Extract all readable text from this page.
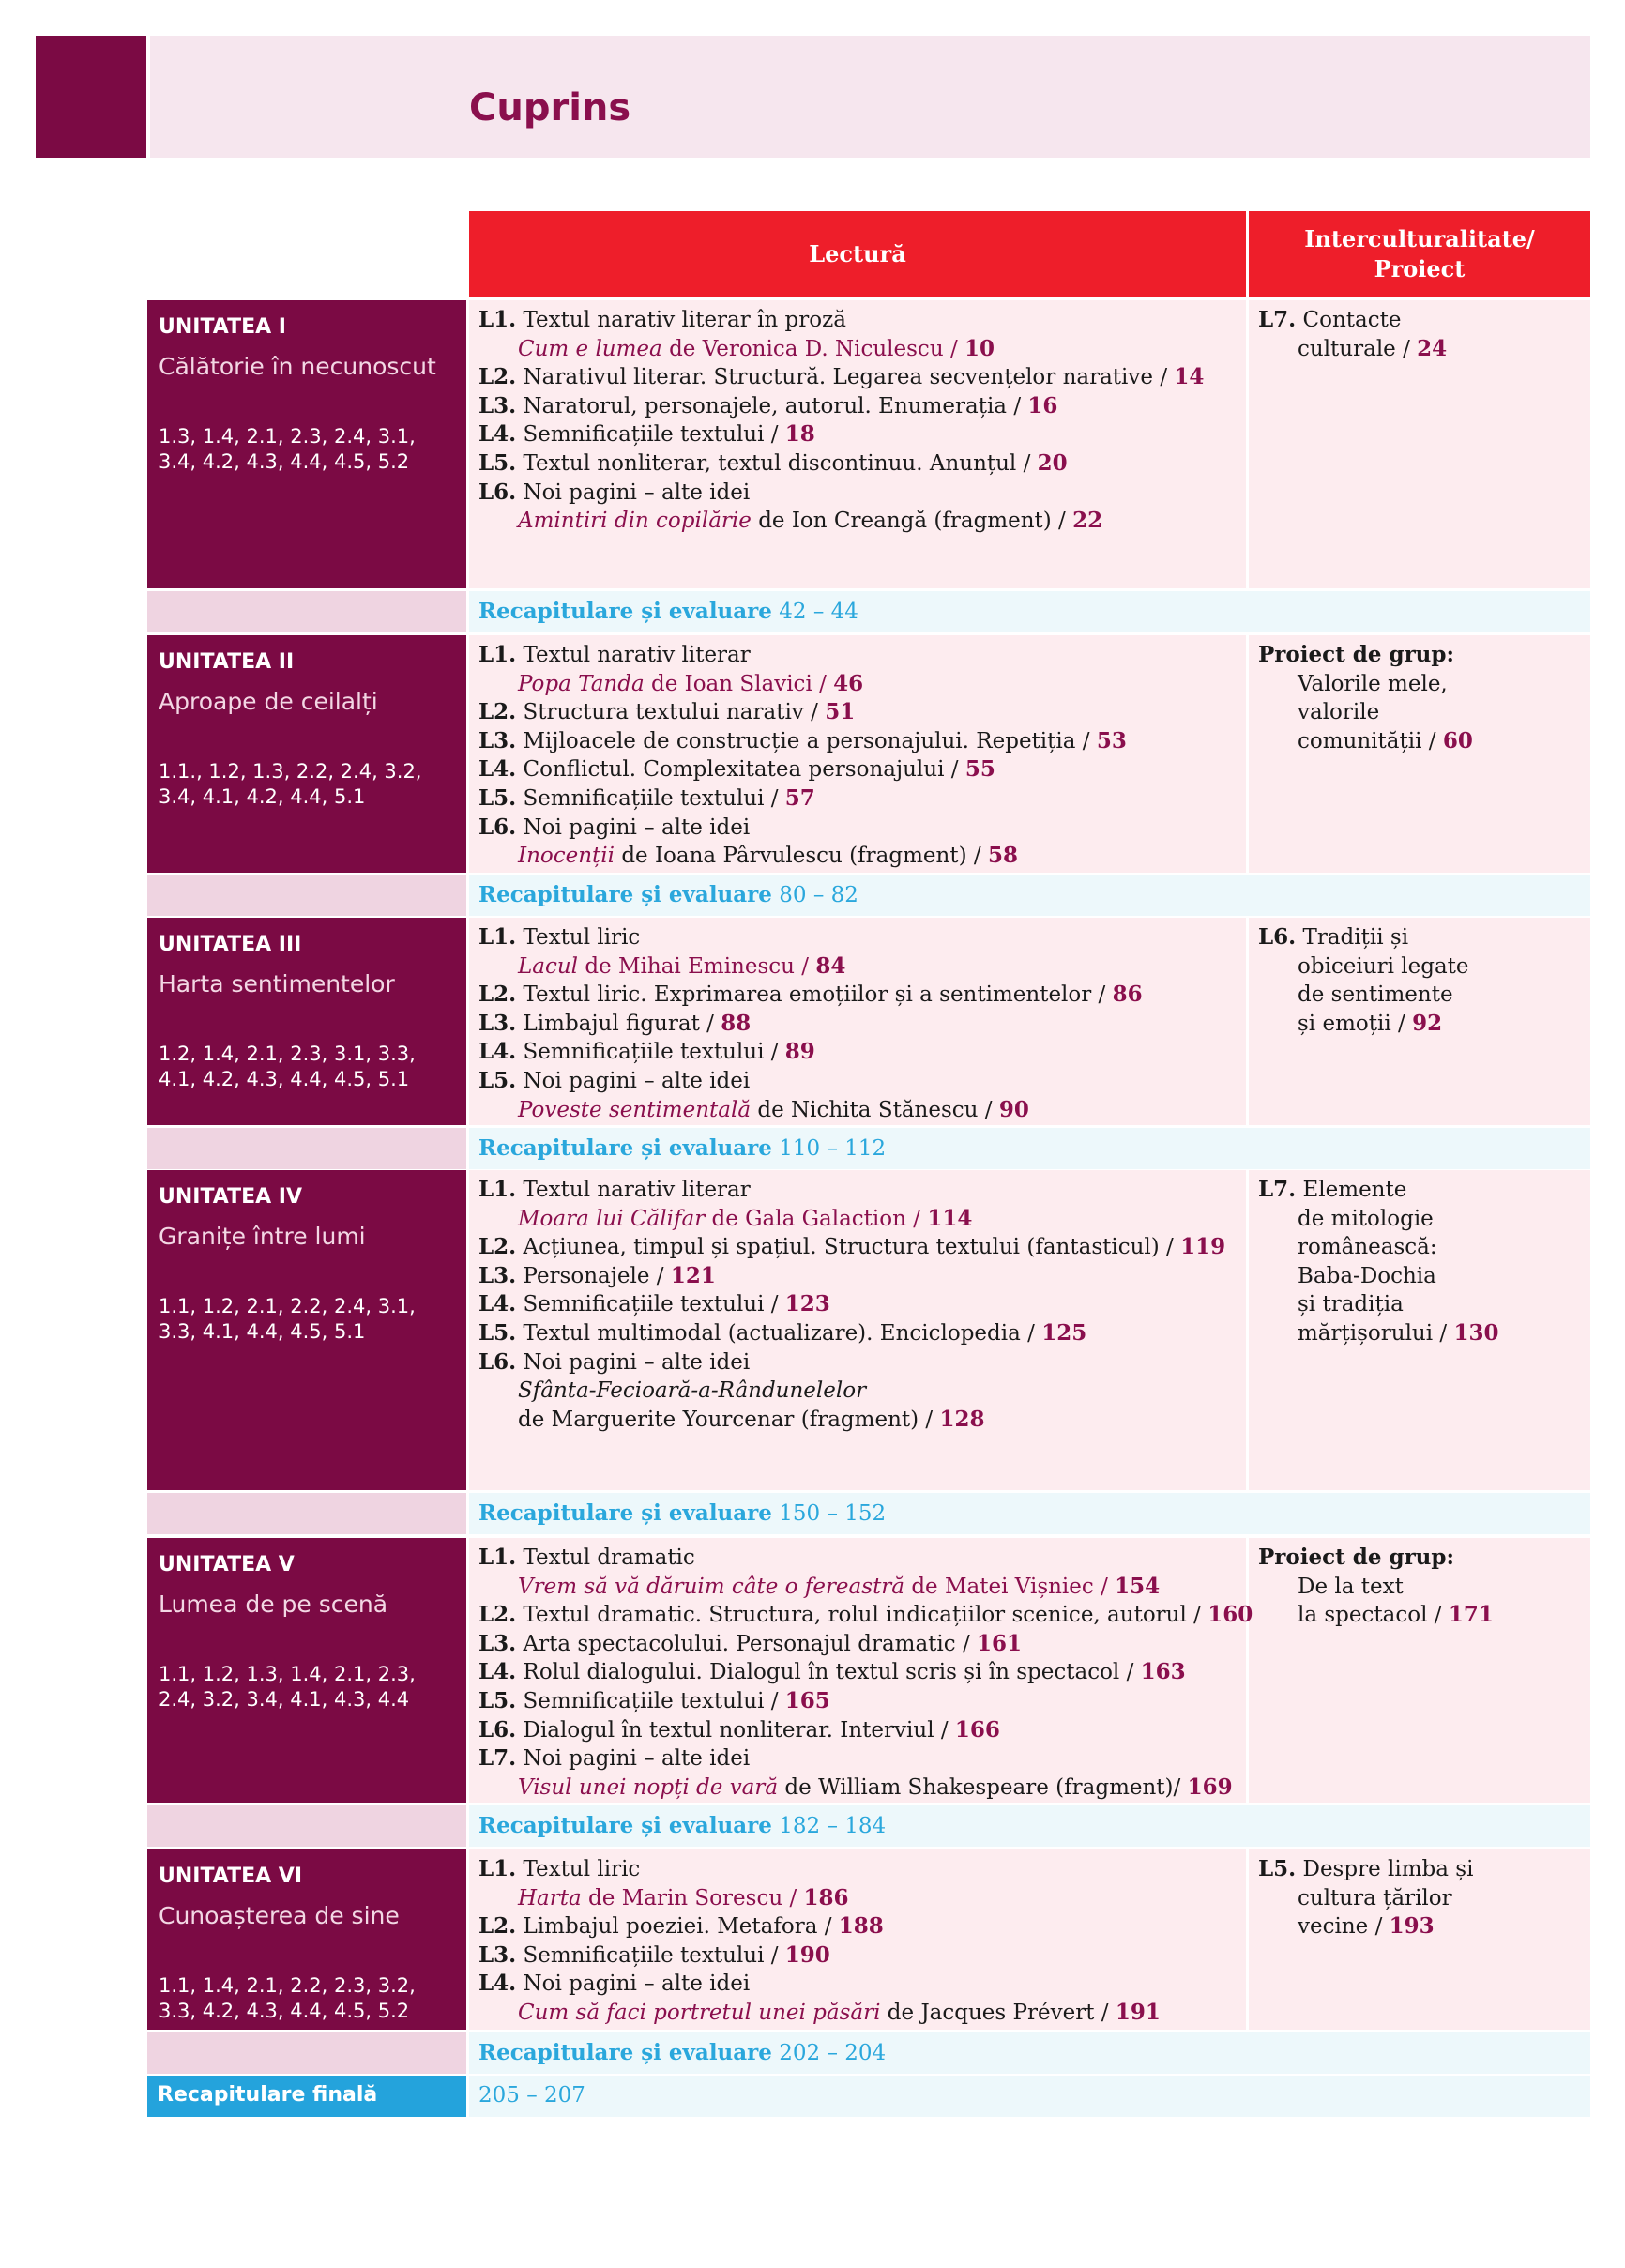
Cuprins
Lectură
Interculturalitate/ Proiect
UNITATEA I
Călătorie în necunoscut
1.3, 1.4, 2.1, 2.3, 2.4, 3.1, 3.4, 4.2, 4.3, 4.4, 4.5, 5.2
L1. Textul narativ literar în proză
Cum e lumea de Veronica D. Niculescu / 10
L2. Narativul literar. Structură. Legarea secvențelor narative / 14
L3. Naratorul, personajele, autorul. Enumerația / 16
L4. Semnificațiile textului / 18
L5. Textul nonliterar, textul discontinuu. Anunțul / 20
L6. Noi pagini – alte idei
Amintiri din copilărie de Ion Creangă (fragment) / 22
L7. Contacte
culturale / 24
Recapitulare și evaluare 42 – 44
UNITATEA II
Aproape de ceilalți
1.1., 1.2, 1.3, 2.2, 2.4, 3.2, 3.4, 4.1, 4.2, 4.4, 5.1
L1. Textul narativ literar
Popa Tanda de Ioan Slavici / 46
L2. Structura textului narativ / 51
L3. Mijloacele de construcție a personajului. Repetiția / 53
L4. Conflictul. Complexitatea personajului / 55
L5. Semnificațiile textului / 57
L6. Noi pagini – alte idei
Inocenții de Ioana Pârvulescu (fragment) / 58
Proiect de grup:
Valorile mele,
valorile
comunității / 60
Recapitulare și evaluare 80 – 82
UNITATEA III
Harta sentimentelor
1.2, 1.4, 2.1, 2.3, 3.1, 3.3, 4.1, 4.2, 4.3, 4.4, 4.5, 5.1
L1. Textul liric
Lacul de Mihai Eminescu / 84
L2. Textul liric. Exprimarea emoțiilor și a sentimentelor / 86
L3. Limbajul figurat / 88
L4. Semnificațiile textului / 89
L5. Noi pagini – alte idei
Poveste sentimentală de Nichita Stănescu / 90
L6. Tradiții și
obiceiuri legate
de sentimente
și emoții / 92
Recapitulare și evaluare 110 – 112
UNITATEA IV
Granițe între lumi
1.1, 1.2, 2.1, 2.2, 2.4, 3.1, 3.3, 4.1, 4.4, 4.5, 5.1
L1. Textul narativ literar
Moara lui Călifar de Gala Galaction / 114
L2. Acțiunea, timpul și spațiul. Structura textului (fantasticul) / 119
L3. Personajele / 121
L4. Semnificațiile textului / 123
L5. Textul multimodal (actualizare). Enciclopedia / 125
L6. Noi pagini – alte idei
Sfânta-Fecioară-a-Rândunelelor
de Marguerite Yourcenar (fragment) / 128
L7. Elemente
de mitologie
românească:
Baba-Dochia
și tradiția
mărțișorului / 130
Recapitulare și evaluare 150 – 152
UNITATEA V
Lumea de pe scenă
1.1, 1.2, 1.3, 1.4, 2.1, 2.3, 2.4, 3.2, 3.4, 4.1, 4.3, 4.4
L1. Textul dramatic
Vrem să vă dăruim câte o fereastră de Matei Vișniec / 154
L2. Textul dramatic. Structura, rolul indicațiilor scenice, autorul / 160
L3. Arta spectacolului. Personajul dramatic / 161
L4. Rolul dialogului. Dialogul în textul scris și în spectacol / 163
L5. Semnificațiile textului / 165
L6. Dialogul în textul nonliterar. Interviul / 166
L7. Noi pagini – alte idei
Visul unei nopți de vară de William Shakespeare (fragment)/ 169
Proiect de grup:
De la text
la spectacol / 171
Recapitulare și evaluare 182 – 184
UNITATEA VI
Cunoașterea de sine
1.1, 1.4, 2.1, 2.2, 2.3, 3.2, 3.3, 4.2, 4.3, 4.4, 4.5, 5.2
L1. Textul liric
Harta de Marin Sorescu / 186
L2. Limbajul poeziei. Metafora / 188
L3. Semnificațiile textului / 190
L4. Noi pagini – alte idei
Cum să faci portretul unei păsări de Jacques Prévert / 191
L5. Despre limba și
cultura țărilor
vecine / 193
Recapitulare și evaluare 202 – 204
Recapitulare finală	205 – 207
